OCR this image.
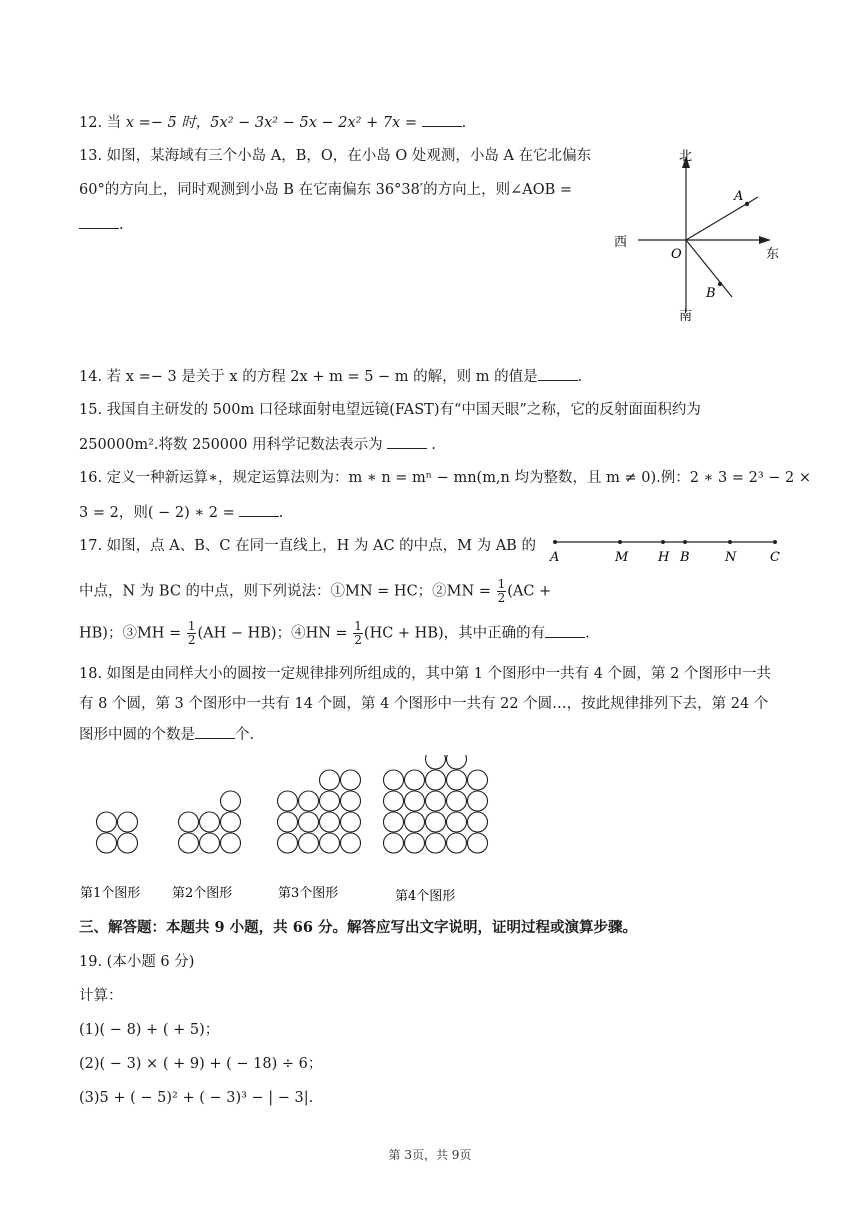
12. 当 x =− 5 时，5x² − 3x² − 5x − 2x² + 7x =	.
13. 如图，某海域有三个小岛 A，B，O，在小岛 O 处观测，小岛 A 在它北偏东
60°的方向上，同时观测到小岛 B 在它南偏东 36°38′的方向上，则∠AOB =
.
北
南
东
西
O
A
B
14. 若 x =− 3 是关于 x 的方程 2x + m = 5 − m 的解，则 m 的值是	.
15. 我国自主研发的 500m 口径球面射电望远镜(FAST)有“中国天眼”之称，它的反射面面积约为
250000m².将数 250000 用科学记数法表示为	.
16. 定义一种新运算∗，规定运算法则为：m ∗ n = mⁿ − mn(m,n 均为整数，且 m ≠ 0).例：2 ∗ 3 = 2³ − 2 ×
3 = 2，则( − 2) ∗ 2 =	.
17. 如图，点 A、B、C 在同一直线上，H 为 AC 的中点，M 为 AB 的
中点，N 为 BC 的中点，则下列说法：①MN = HC；②MN = $\frac{1}{2} (AC$ +
HB)；③MH = $\frac{1}{2} (AH - HB)$；④HN = $\frac{1}{2} (HC + HB)$，其中正确的有	.
A	M H B	N	C
18. 如图是由同样大小的圆按一定规律排列所组成的，其中第 1 个图形中一共有 4 个圆，第 2 个图形中一共
有 8 个圆，第 3 个图形中一共有 14 个圆，第 4 个图形中一共有 22 个圆…，按此规律排列下去，第 24 个
图形中圆的个数是	个.
第1个图形 第2个图形	第3个图形	第4个图形
三、解答题：本题共 9 小题，共 66 分。解答应写出文字说明，证明过程或演算步骤。
19. (本小题 6 分)
计算：
(1)( − 8) + ( + 5)；
(2)( − 3) × ( + 9) + ( − 18) ÷ 6；
(3)5 + ( − 5)² + ( − 3)³ − | − 3|.
第 3页，共 9页
